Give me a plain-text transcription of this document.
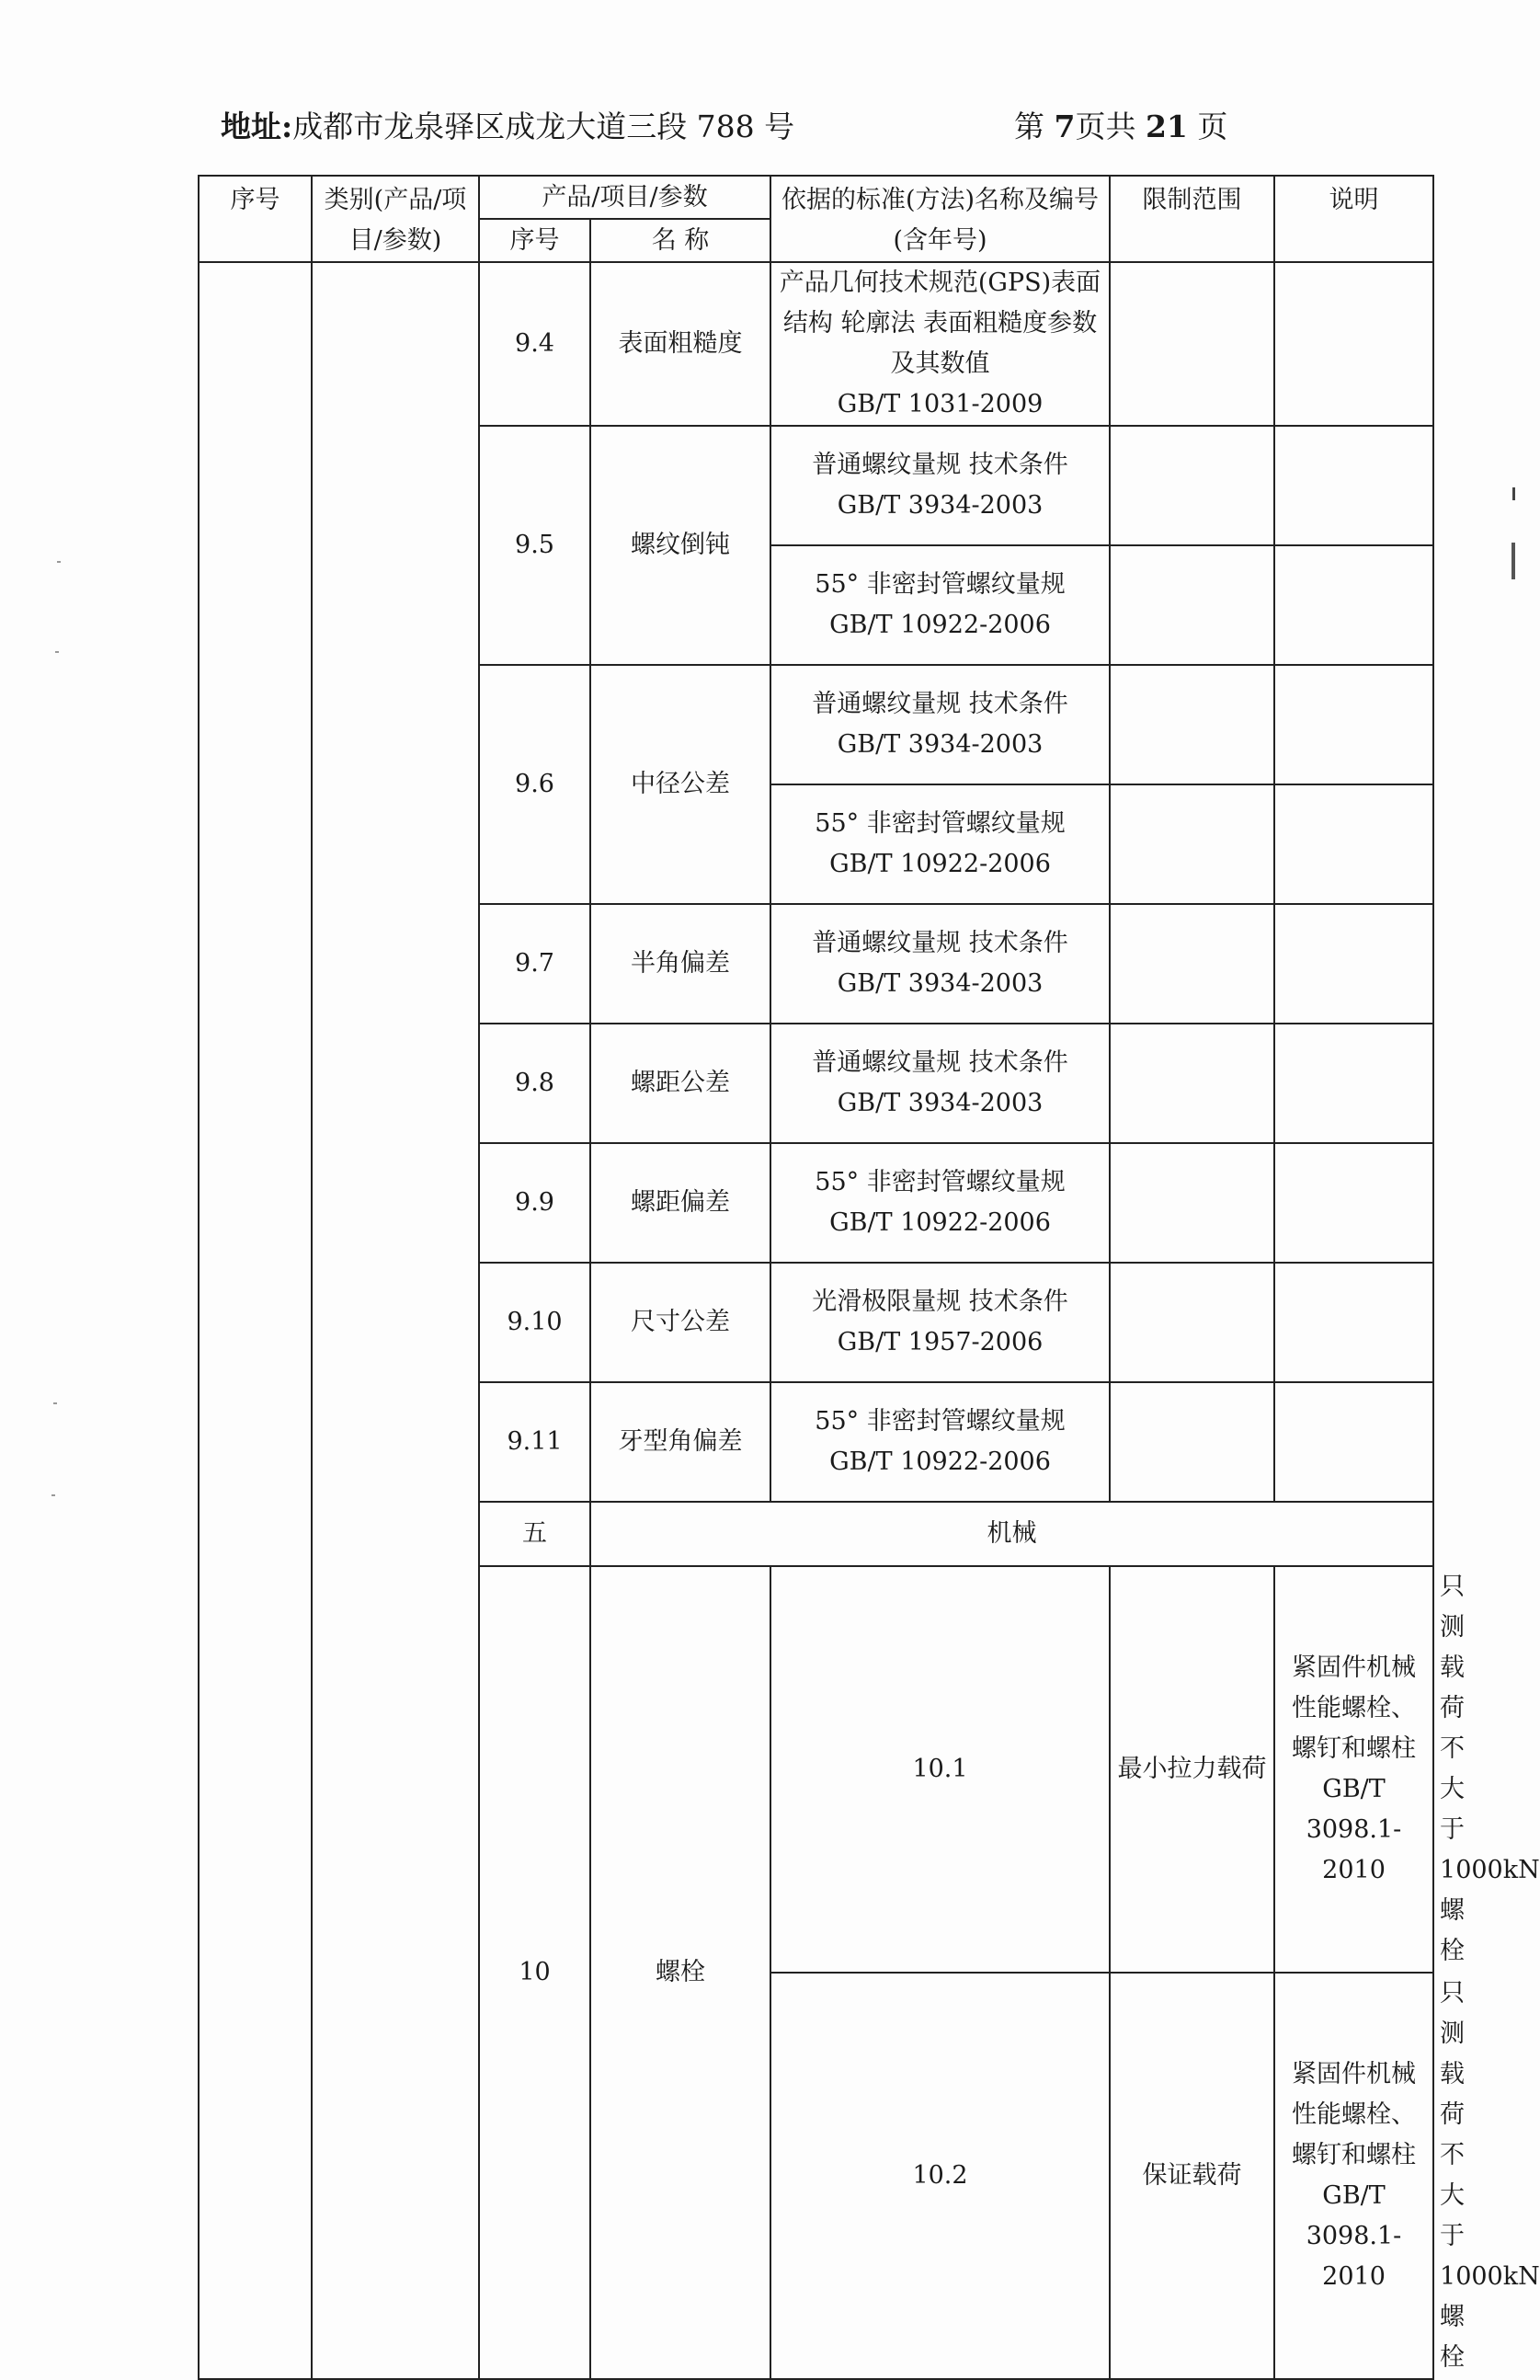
地址:成都市龙泉驿区成龙大道三段 788 号	第 7页共 21 页
序号	类别(产品/项目/参数)	产品/项目/参数		依据的标准(方法)名称及编号(含年号)	限制范围	说明	
		序号	名 称				
		9.4	表面粗糙度	产品几何技术规范(GPS)表面结构 轮廓法 表面粗糙度参数及其数值
GB/T 1031-2009			
		9.5	螺纹倒钝	普通螺纹量规 技术条件
GB/T 3934-2003			
				55° 非密封管螺纹量规
GB/T 10922-2006			
		9.6	中径公差	普通螺纹量规 技术条件
GB/T 3934-2003			
				55° 非密封管螺纹量规
GB/T 10922-2006			
		9.7	半角偏差	普通螺纹量规 技术条件
GB/T 3934-2003			
		9.8	螺距公差	普通螺纹量规 技术条件
GB/T 3934-2003			
		9.9	螺距偏差	55° 非密封管螺纹量规
GB/T 10922-2006			
		9.10	尺寸公差	光滑极限量规 技术条件
GB/T 1957-2006			
		9.11	牙型角偏差	55° 非密封管螺纹量规
GB/T 10922-2006			
		五	机械				
		10	螺栓	10.1	最小拉力载荷	紧固件机械性能螺栓、螺钉和螺柱
GB/T 3098.1-2010	只测载荷不大于1000kN 螺栓	
				10.2	保证载荷	紧固件机械性能螺栓、螺钉和螺柱
GB/T 3098.1-2010	只测载荷不大于1000kN 螺栓	
